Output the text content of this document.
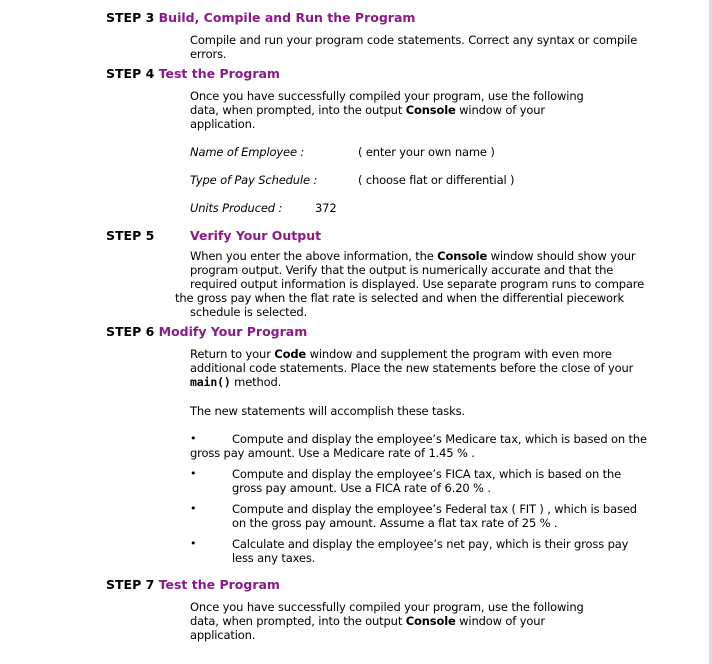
STEP 3 Build, Compile and Run the Program
Compile and run your program code statements. Correct any syntax or compile
errors.
STEP 4 Test the Program
Once you have successfully compiled your program, use the following
data, when prompted, into the output Console window of your
application.
Name of Employee :	( enter your own name )
Type of Pay Schedule :	( choose flat or differential )
Units Produced :	372
STEP 5	Verify Your Output
When you enter the above information, the Console window should show your
program output. Verify that the output is numerically accurate and that the
required output information is displayed. Use separate program runs to compare
the gross pay when the flat rate is selected and when the differential piecework
schedule is selected.
STEP 6 Modify Your Program
Return to your Code window and supplement the program with even more
additional code statements. Place the new statements before the close of your
main() method.
The new statements will accomplish these tasks.
•	Compute and display the employee’s Medicare tax, which is based on the
gross pay amount. Use a Medicare rate of 1.45 % .
•	Compute and display the employee’s FICA tax, which is based on the
gross pay amount. Use a FICA rate of 6.20 % .
•	Compute and display the employee’s Federal tax ( FIT ) , which is based
on the gross pay amount. Assume a flat tax rate of 25 % .
•	Calculate and display the employee’s net pay, which is their gross pay
less any taxes.
STEP 7 Test the Program
Once you have successfully compiled your program, use the following
data, when prompted, into the output Console window of your
application.
